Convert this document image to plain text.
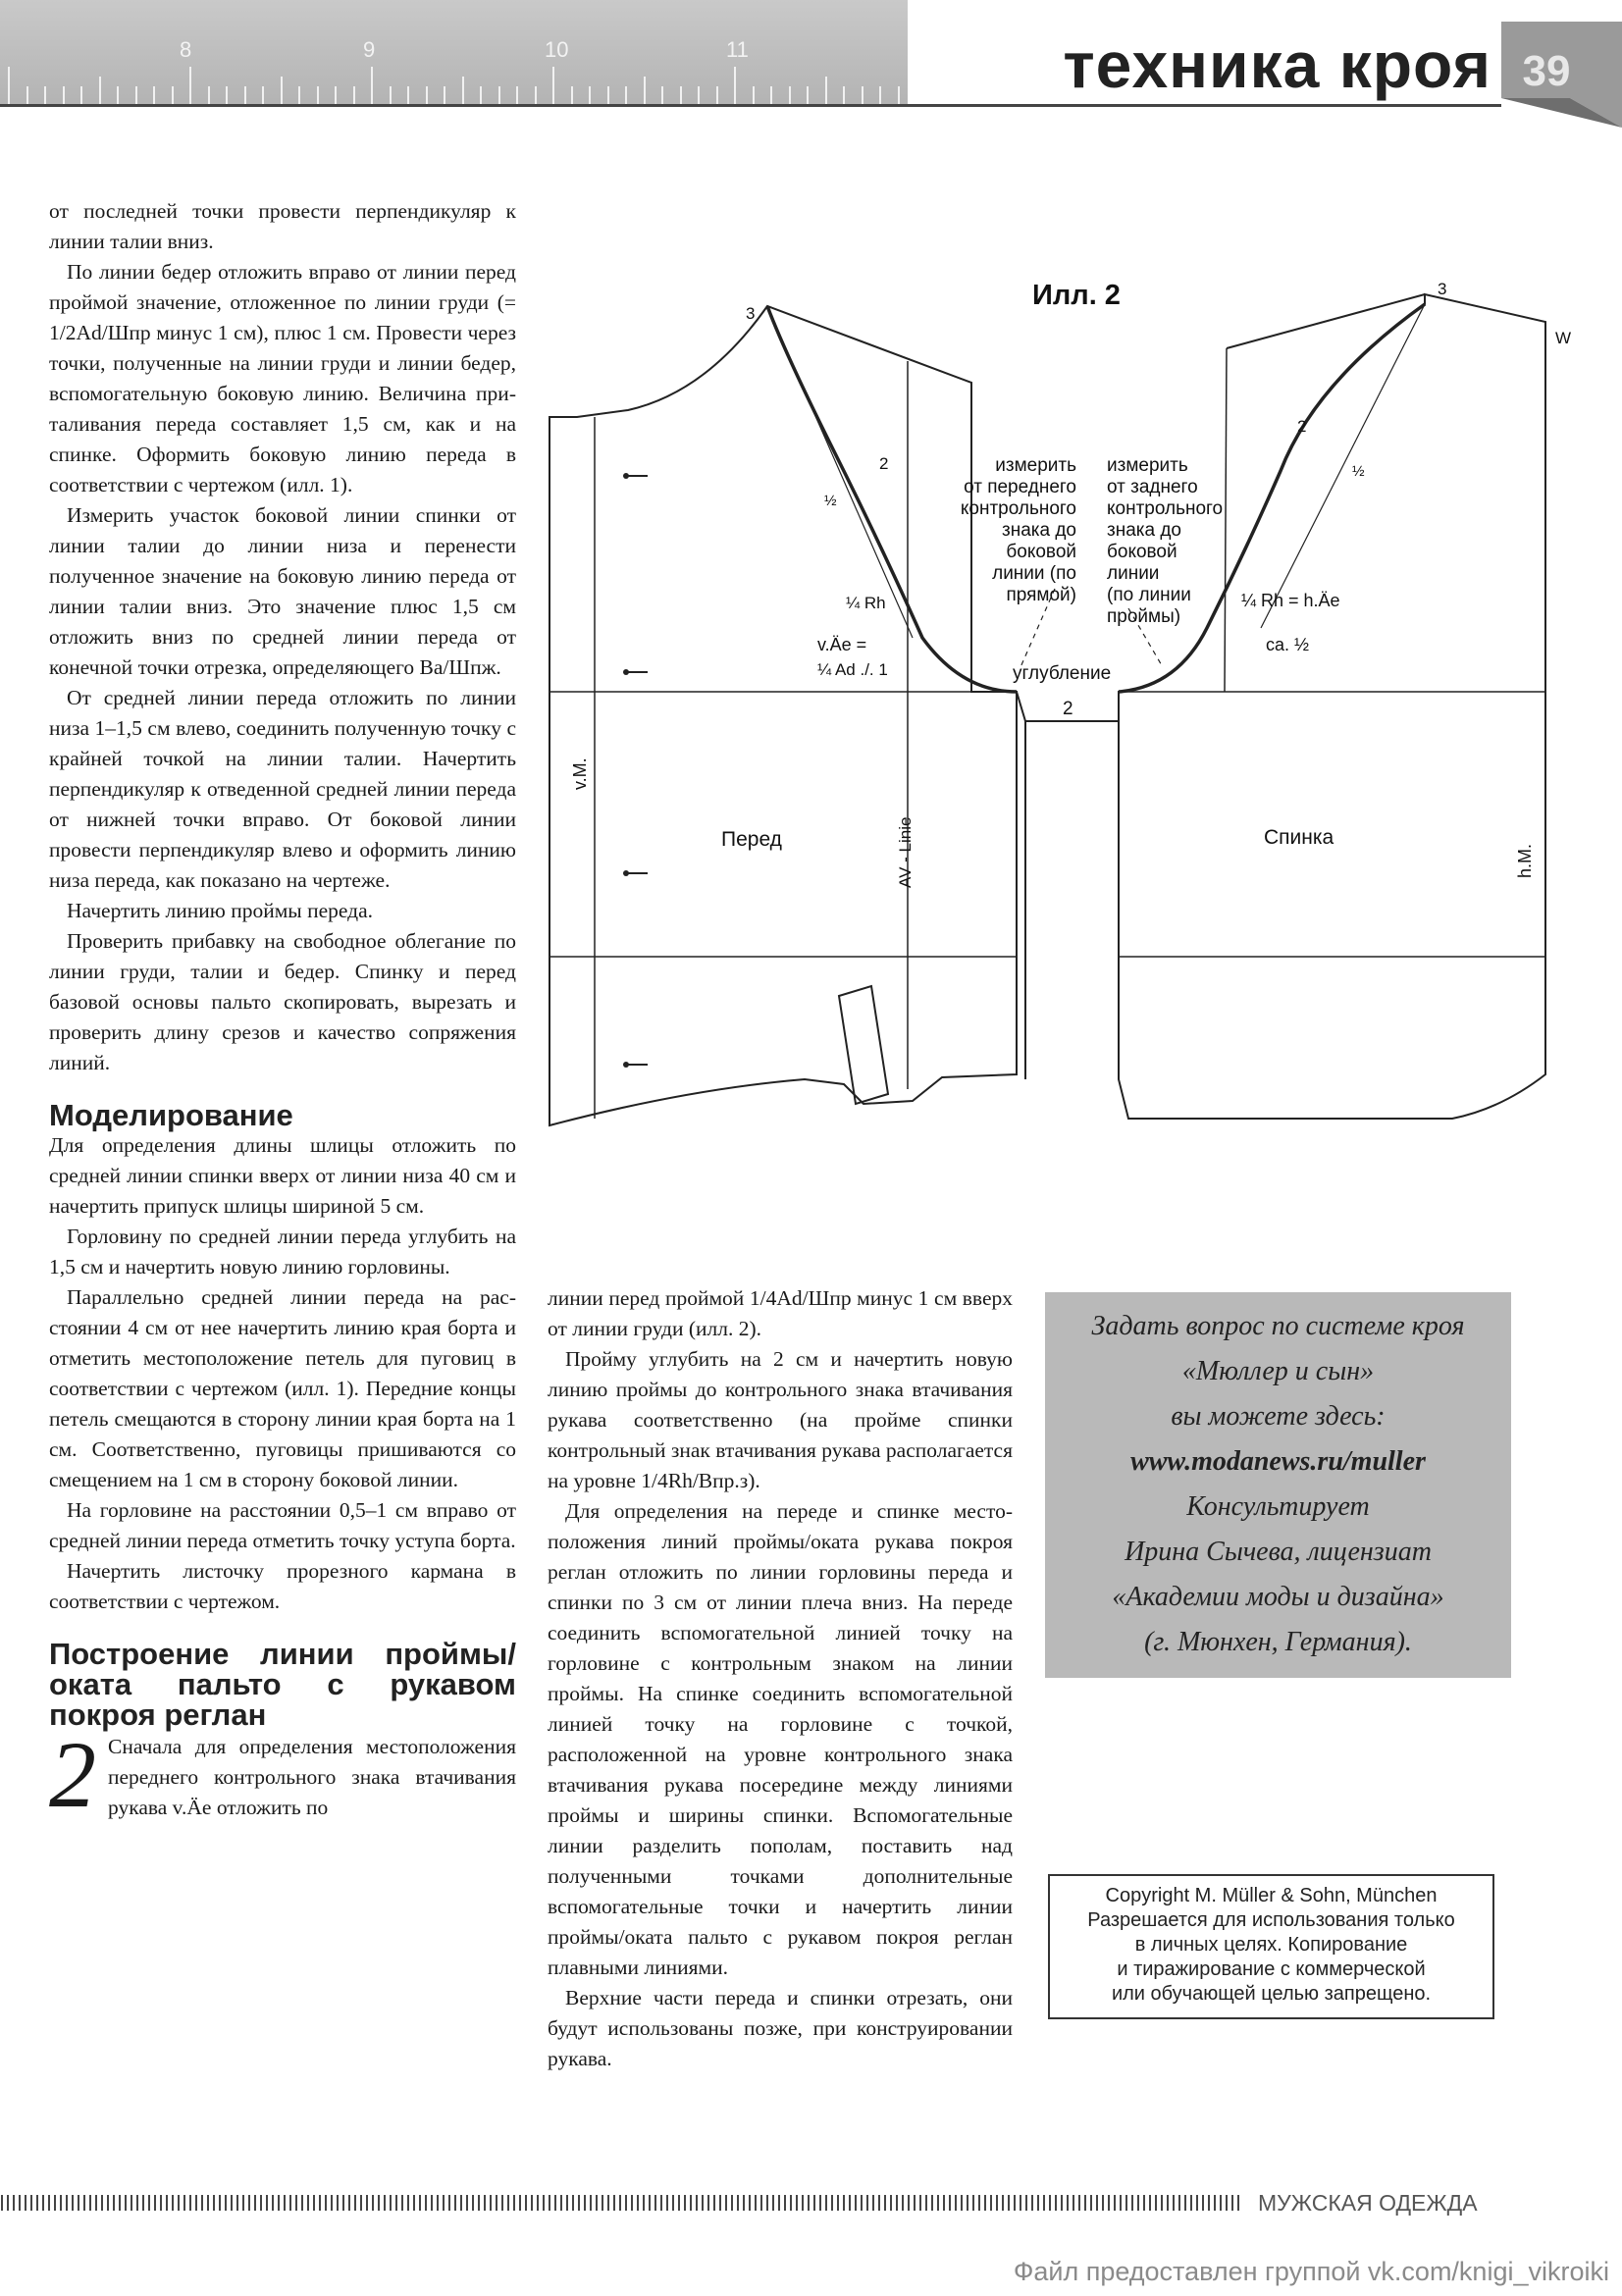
8	9	10	11	техника кроя 39

от последней точки провести перпендикуляр к линии талии вниз.

По линии бедер отложить вправо от линии перед проймой значение, отложенное по линии груди (= 1/2Ad/Шпр минус 1 см), плюс 1 см. Провести через точки, полученные на линии груди и линии бедер, вспомогательную боковую линию. Величина приталивания переда составляет 1,5 см, как и на спинке. Оформить боковую линию переда в соответствии с чертежом (илл. 1).

Измерить участок боковой линии спинки от линии талии до линии низа и перенести полученное значение на боковую линию переда от линии талии вниз. Это значение плюс 1,5 см отложить вниз по средней линии переда от конечной точки отрезка, определяющего Ва/Шпж.

От средней линии переда отложить по линии низа 1–1,5 см влево, соединить полученную точку с крайней точкой на линии талии. Начертить перпендикуляр к отведенной средней линии переда от нижней точки вправо. От боковой линии провести перпендикуляр влево и оформить линию низа переда, как показано на чертеже.

Начертить линию проймы переда.

Проверить прибавку на свободное облегание по линии груди, талии и бедер. Спинку и перед базовой основы пальто скопировать, вырезать и проверить длину срезов и качество сопряжения линий.

Моделирование

Для определения длины шлицы отложить по средней линии спинки вверх от линии низа 40 см и начертить припуск шлицы шириной 5 см.

Горловину по средней линии переда углубить на 1,5 см и начертить новую линию горловины.

Параллельно средней линии переда на расстоянии 4 см от нее начертить линию края борта и отметить местоположение петель для пуговиц в соответствии с чертежом (илл. 1). Передние концы петель смещаются в сторону линии края борта на 1 см. Соответственно, пуговицы пришиваются со смещением на 1 см в сторону боковой линии.

На горловине на расстоянии 0,5–1 см вправо от средней линии переда отметить точку уступа борта.

Начертить листочку прорезного кармана в соответствии с чертежом.

Построение линии проймы/оката пальто с рукавом покроя реглан
2 Сначала для определения местоположения переднего контрольного знака втачивания рукава v.Äe отложить по

линии перед проймой 1/4Ad/Шпр минус 1 см вверх от линии груди (илл. 2).

Пройму углубить на 2 см и начертить новую линию проймы до контрольного знака втачивания рукава соответственно (на пройме спинки контрольный знак втачивания рукава располагается на уровне 1/4Rh/Впр.з).

Для определения на переде и спинке местоположения линий проймы/оката рукава покроя реглан отложить по линии горловины переда и спинки по 3 см от линии плеча вниз. На переде соединить вспомогательной линией точку на горловине с контрольным знаком на линии проймы. На спинке соединить вспомогательной линией точку на горловине с точкой, расположенной на уровне контрольного знака втачивания рукава посередине между линиями проймы и ширины спинки. Вспомогательные линии разделить пополам, поставить над полученными точками дополнительные вспомогательные точки и начертить линии проймы/оката пальто с рукавом покроя реглан плавными линиями.

Верхние части переда и спинки отрезать, они будут использованы позже, при конструировании рукава.

Илл. 2
Перед	Спинка
измерить
от переднего
контрольного
знака до
боковой
линии (по
прямой)
измерить
от заднего
контрольного
знака до
боковой
линии
(по линии
проймы)
углубление
2
¼ Rh	¼ Rh = h.Äe
ca. ½
v.Äe =
¼ Ad ./. 1
3
3
2
2
½
½
W
v.M.
h.M.
AV - Linie
Задать вопрос по системе кроя
«Мюллер и сын»
вы можете здесь:
www.modanews.ru/muller
Консультирует
Ирина Сычева, лицензиат
«Академии моды и дизайна»
(г. Мюнхен, Германия).
Copyright M. Müller & Sohn, München
Разрешается для использования только
в личных целях. Копирование
и тиражирование с коммерческой
или обучающей целью запрещено.
МУЖСКАЯ ОДЕЖДА
Файл предоставлен группой vk.com/knigi_vikroiki
